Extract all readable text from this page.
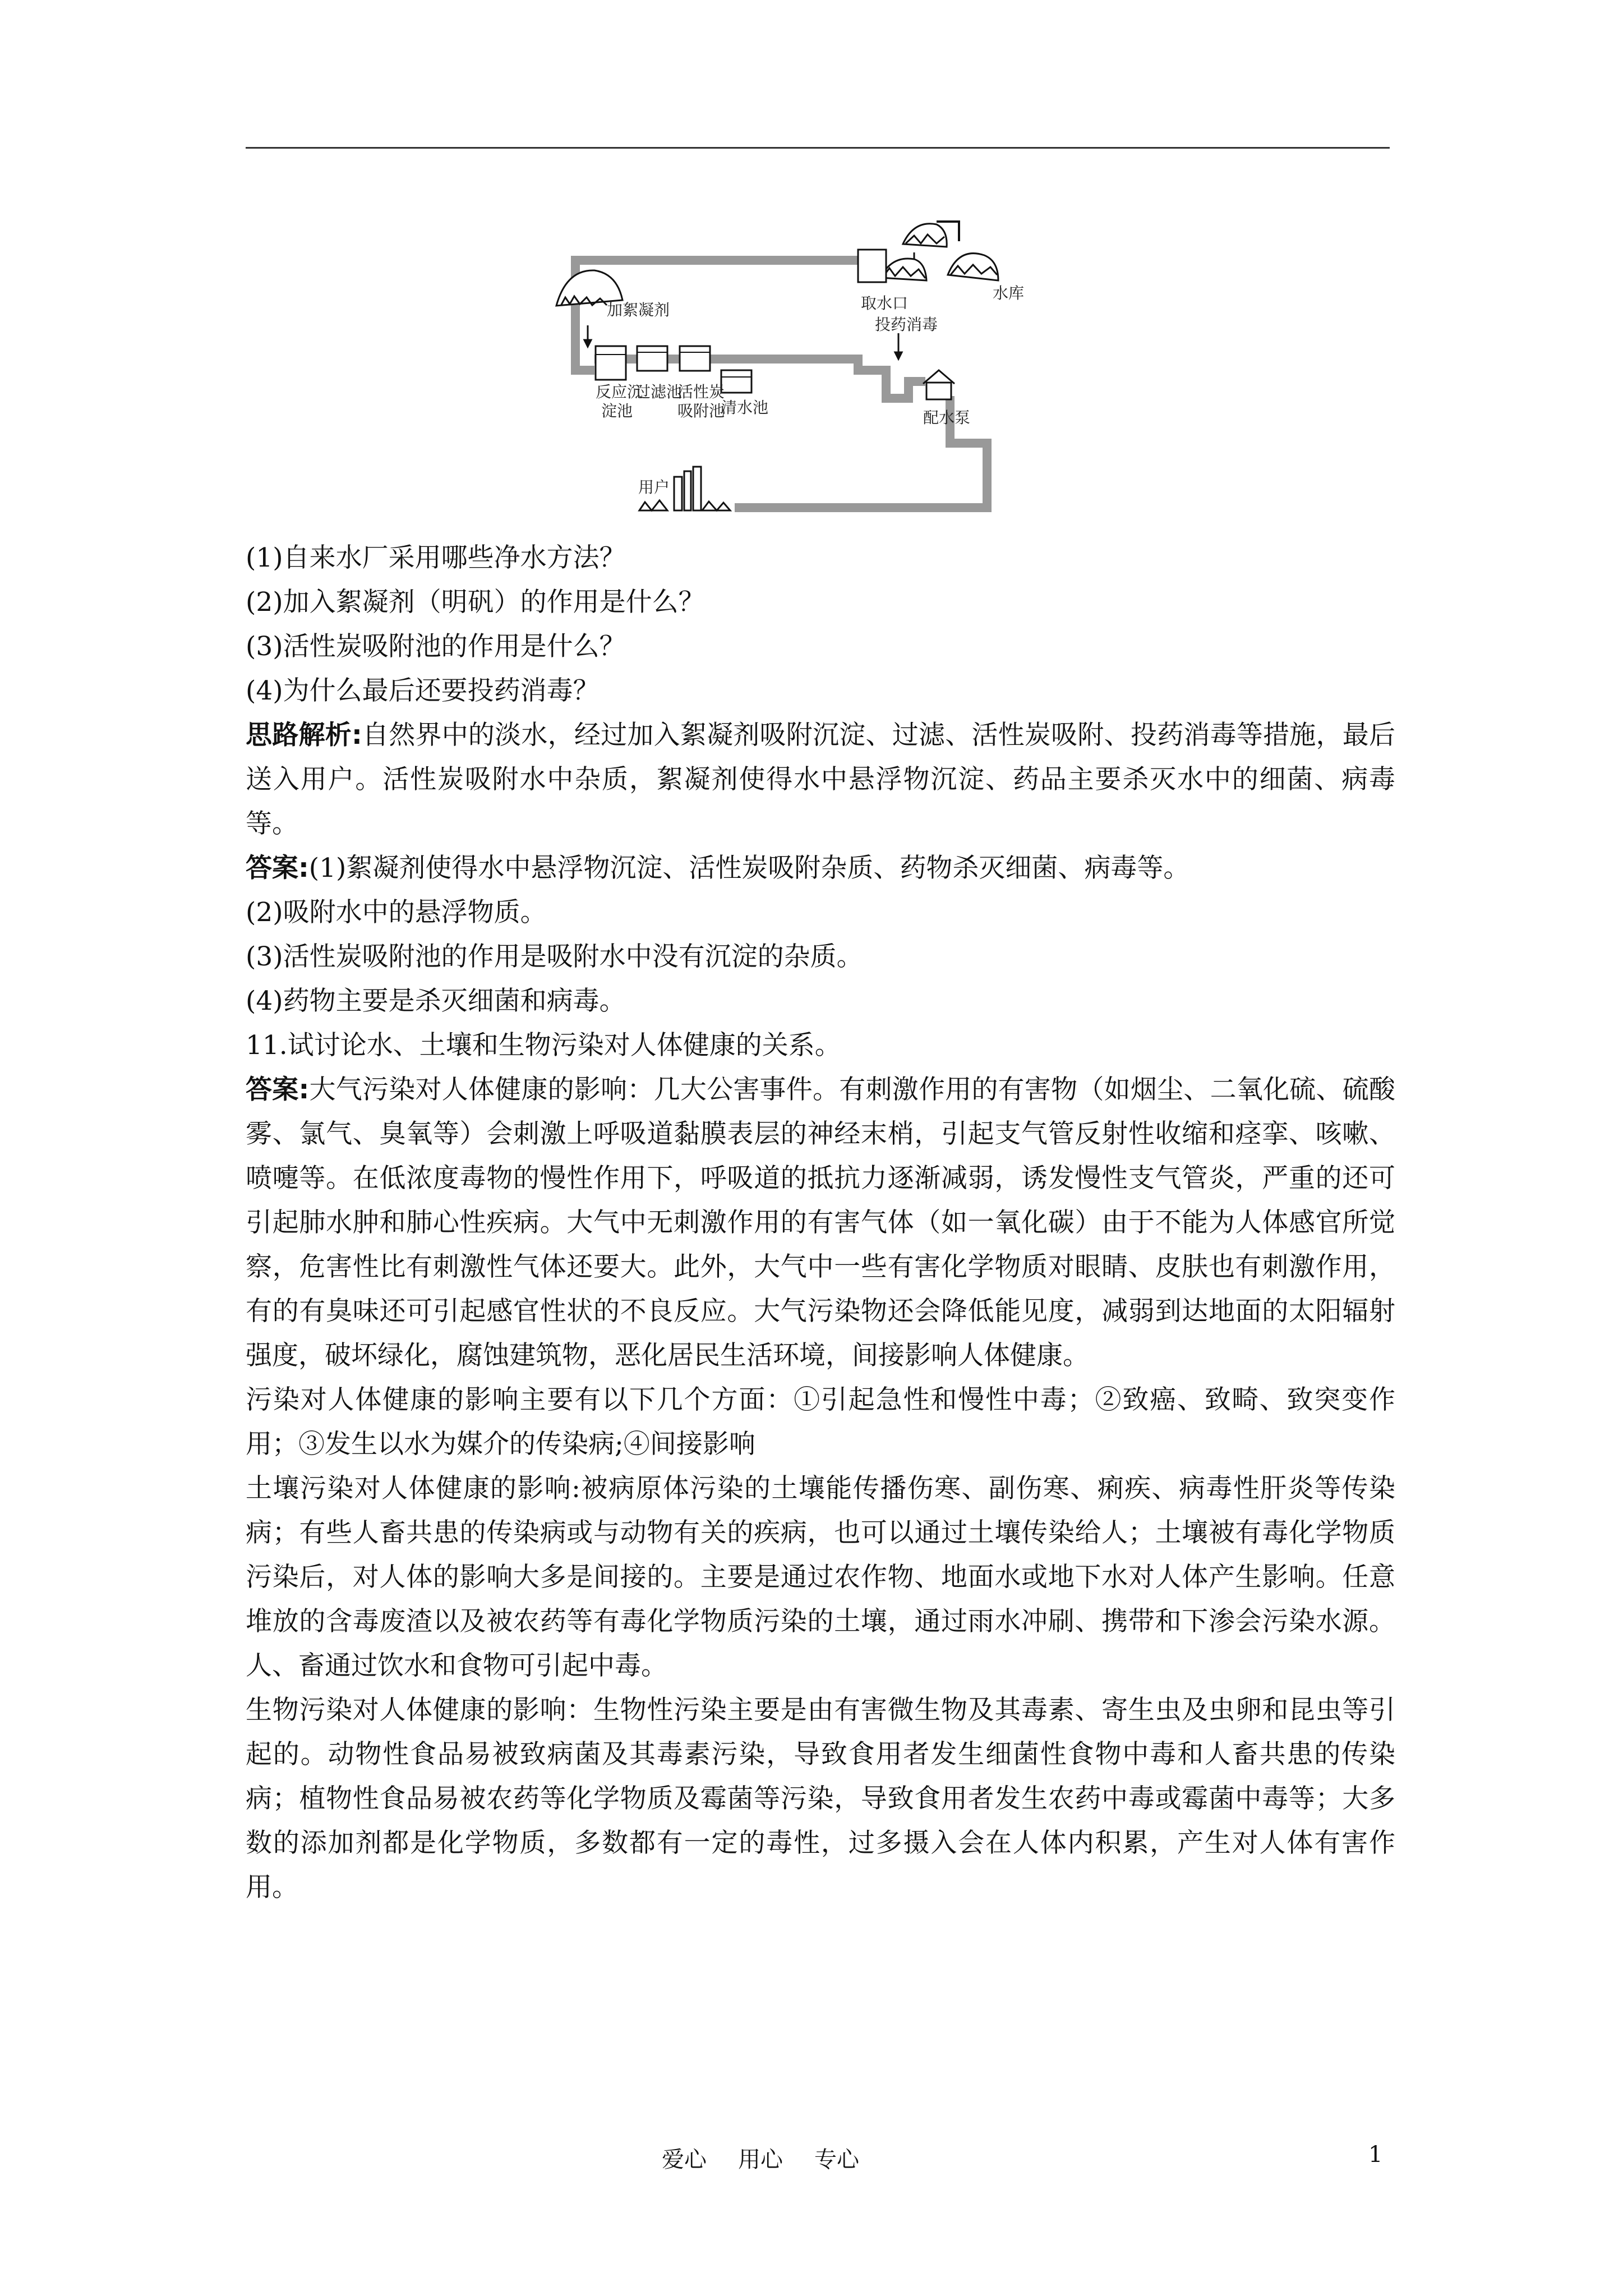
加絮凝剂	取水口
水库
投药消毒
反应沉
淀池
过滤池
活性炭
吸附池
清水池
配水泵
用户

(1)自来水厂采用哪些净水方法？

(2)加入絮凝剂（明矾）的作用是什么？

(3)活性炭吸附池的作用是什么？

(4)为什么最后还要投药消毒？

思路解析:自然界中的淡水，经过加入絮凝剂吸附沉淀、过滤、活性炭吸附、投药消毒等措施，最后送入用户。活性炭吸附水中杂质，絮凝剂使得水中悬浮物沉淀、药品主要杀灭水中的细菌、病毒等。

答案:(1)絮凝剂使得水中悬浮物沉淀、活性炭吸附杂质、药物杀灭细菌、病毒等。

(2)吸附水中的悬浮物质。

(3)活性炭吸附池的作用是吸附水中没有沉淀的杂质。

(4)药物主要是杀灭细菌和病毒。

11.试讨论水、土壤和生物污染对人体健康的关系。

答案:大气污染对人体健康的影响：几大公害事件。有刺激作用的有害物（如烟尘、二氧化硫、硫酸雾、氯气、臭氧等）会刺激上呼吸道黏膜表层的神经末梢，引起支气管反射性收缩和痉挛、咳嗽、喷嚏等。在低浓度毒物的慢性作用下，呼吸道的抵抗力逐渐减弱，诱发慢性支气管炎，严重的还可引起肺水肿和肺心性疾病。大气中无刺激作用的有害气体（如一氧化碳）由于不能为人体感官所觉察，危害性比有刺激性气体还要大。此外，大气中一些有害化学物质对眼睛、皮肤也有刺激作用，有的有臭味还可引起感官性状的不良反应。大气污染物还会降低能见度，减弱到达地面的太阳辐射强度，破坏绿化，腐蚀建筑物，恶化居民生活环境，间接影响人体健康。

污染对人体健康的影响主要有以下几个方面：①引起急性和慢性中毒；②致癌、致畸、致突变作用；③发生以水为媒介的传染病;④间接影响

土壤污染对人体健康的影响:被病原体污染的土壤能传播伤寒、副伤寒、痢疾、病毒性肝炎等传染病；有些人畜共患的传染病或与动物有关的疾病，也可以通过土壤传染给人；土壤被有毒化学物质污染后，对人体的影响大多是间接的。主要是通过农作物、地面水或地下水对人体产生影响。任意堆放的含毒废渣以及被农药等有毒化学物质污染的土壤，通过雨水冲刷、携带和下渗会污染水源。人、畜通过饮水和食物可引起中毒。

生物污染对人体健康的影响：生物性污染主要是由有害微生物及其毒素、寄生虫及虫卵和昆虫等引起的。动物性食品易被致病菌及其毒素污染，导致食用者发生细菌性食物中毒和人畜共患的传染病；植物性食品易被农药等化学物质及霉菌等污染，导致食用者发生农药中毒或霉菌中毒等；大多数的添加剂都是化学物质，多数都有一定的毒性，过多摄入会在人体内积累，产生对人体有害作用。

爱心 用心 专心	1
